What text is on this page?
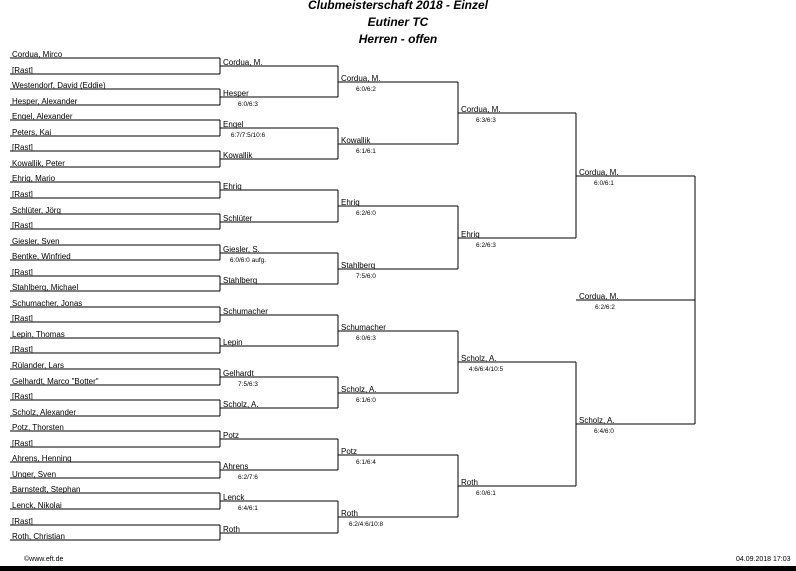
Clubmeisterschaft 2018 - Einzel
Eutiner TC
Herren - offen
Cordua, Mirco
[Rast]
Westendorf, David (Eddie)
Hesper, Alexander
Engel, Alexander
Peters, Kai
[Rast]
Kowallik, Peter
Ehrig, Mario
[Rast]
Schlüter, Jörg
[Rast]
Giesler, Sven
Bentke, Winfried
[Rast]
Stahlberg, Michael
Schumacher, Jonas
[Rast]
Lepin, Thomas
[Rast]
Rülander, Lars
Gelhardt, Marco "Botter"
[Rast]
Scholz, Alexander
Potz, Thorsten
[Rast]
Ahrens, Henning
Unger, Sven
Barnstedt, Stephan
Lenck, Nikolai
[Rast]
Roth, Christian
Cordua, M.
Hesper
6:0/6:3
Engel
6:7/7:5/10:6
Kowallik
Ehrig
Schlüter
Giesler, S.
6:0/6:0 aufg.
Stahlberg
Schumacher
Lepin
Gelhardt
7:5/6:3
Scholz, A.
Potz
Ahrens
6:2/7:6
Lenck
6:4/6:1
Roth
Cordua, M.
6:0/6:2
Kowallik
6:1/6:1
Ehrig
6:2/6:0
Stahlberg
7:5/6:0
Schumacher
6:0/6:3
Scholz, A.
6:1/6:0
Potz
6:1/6:4
Roth
6:2/4:6/10:8
Cordua, M.
6:3/6:3
Ehrig
6:2/6:3
Scholz, A.
4:6/6:4/10:5
Roth
6:0/6:1
Cordua, M.
6:0/6:1
Scholz, A.
6:4/6:0
Cordua, M.
6:2/6:2
©www.eft.de	04.09.2018 17:03
